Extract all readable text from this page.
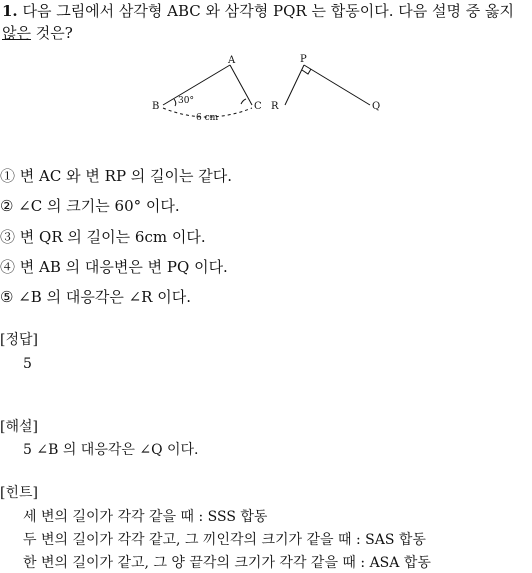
1. 다음 그림에서 삼각형 ABC 와 삼각형 PQR 는 합동이다. 다음 설명 중 옳지
않은 것은?
B
A
C
30°
6 cm
P
R	Q
① 변 AC 와 변 RP 의 길이는 같다.
② ∠C 의 크기는 60° 이다.
③ 변 QR 의 길이는 6cm 이다.
④ 변 AB 의 대응변은 변 PQ 이다.
⑤ ∠B 의 대응각은 ∠R 이다.
[정답]
5
[해설]
5 ∠B 의 대응각은 ∠Q 이다.
[힌트]
세 변의 길이가 각각 같을 때 : SSS 합동
두 변의 길이가 각각 같고, 그 끼인각의 크기가 같을 때 : SAS 합동
한 변의 길이가 같고, 그 양 끝각의 크기가 각각 같을 때 : ASA 합동
